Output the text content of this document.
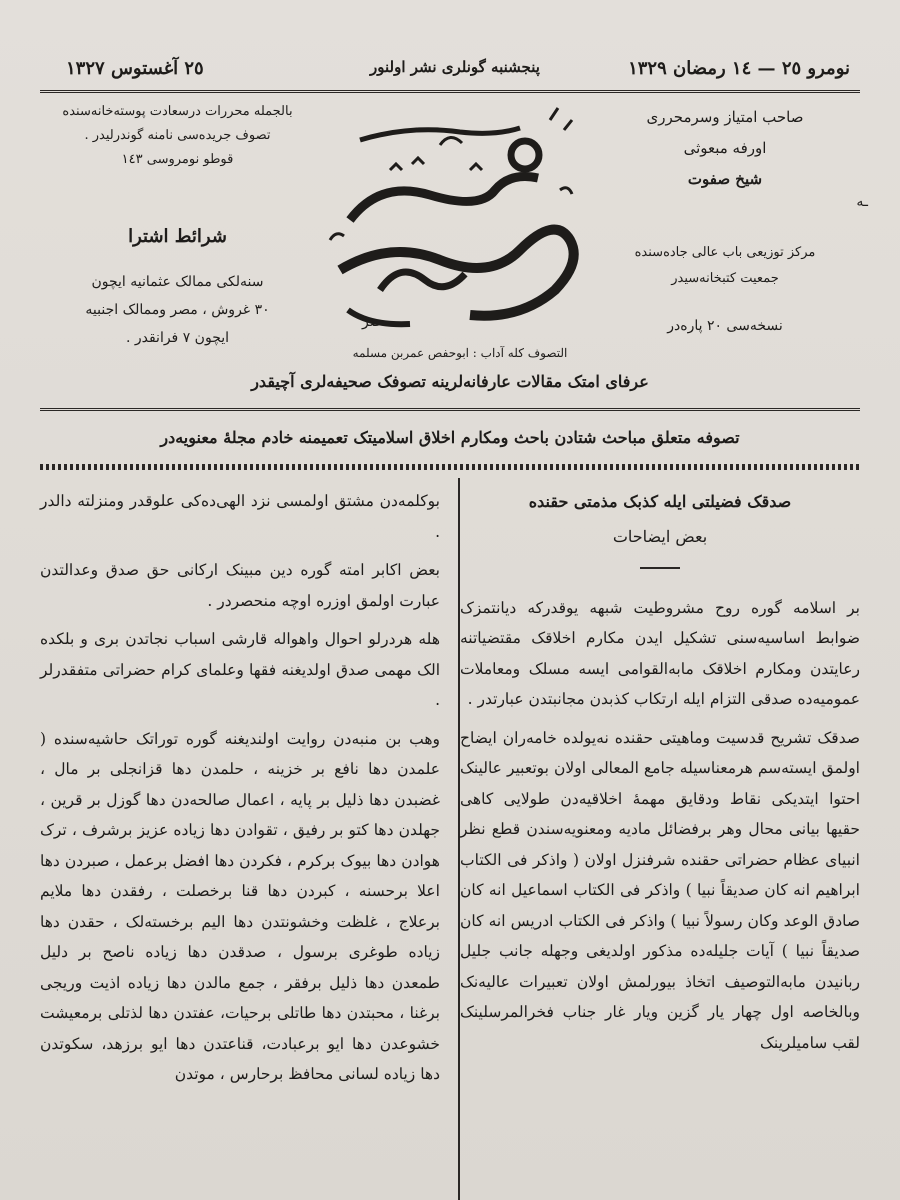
نومرو ٢٥ — ١٤ رمضان ١٣٢٩
پنجشنبه گونلری نشر اولنور
٢٥ آغستوس ١٣٢٧
بالجمله محررات درسعادت پوسته‌خانه‌سنده
تصوف جریده‌سی نامنه گوندرلیدر .
قوطو نومروسی ١٤٣
شرائط اشترا
سنه‌لکی ممالک عثمانیه ایچون
٣٠ غروش ، مصر وممالک اجنبیه
ایچون ٧ فرانقدر .
صر
صاحب امتیاز وسرمحرری
اورفه مبعوثی
شیخ صفوت
مرکز توزیعی باب عالی جاده‌سنده
جمعیت کتبخانه‌سیدر
نسخه‌سی ٢٠ پاره‌در
ـه
التصوف کله آداب : ابوحفص عمربن مسلمه
عرفای امتک مقالات عارفانه‌لرینه تصوفک صحیفه‌لری آچیقدر
تصوفه متعلق مباحث شتادن باحث ومکارم اخلاق اسلامیتک تعمیمنه خادم مجلهٔ معنویه‌در
صدقک فضیلتی ایله کذبک مذمتی حقنده
بعض ایضاحات

بر اسلامه گوره روح مشروطیت شبهه یوقدرکه دیانتمزک ضوابط اساسیه‌سنی تشکیل ایدن مکارم اخلاقک مقتضیاتنه رعایتدن ومکارم اخلاقک مابه‌القوامی ایسه مسلک ومعاملات عمومیه‌ده صدقی التزام ایله ارتکاب کذبدن مجانبتدن عبارتدر .

صدقک تشریح قدسیت وماهیتی حقنده نه‌یولده خامه‌ران ایضاح اولمق ایسته‌سم هرمعناسیله جامع المعالی اولان بوتعبیر عالینک احتوا ایتدیکی نقاط ودقایق مهمهٔ اخلاقیه‌دن طولایی کاهی حقیها بیانی محال وهر برفضائل مادیه ومعنویه‌سندن قطع نظر انبیای عظام حضراتی حقنده شرفنزل اولان ( واذکر فی الکتاب ابراهیم انه کان صدیقاً نبیا ) واذکر فی الکتاب اسماعیل انه کان صادق الوعد وکان رسولاً نبیا ) واذکر فی الکتاب ادریس انه کان صدیقاً نبیا ) آیات جلیله‌ده مذکور اولدیغی وجهله جانب جلیل ربانیدن مابه‌التوصیف اتخاذ بیورلمش اولان تعبیرات عالیه‌نک وبالخاصه اول چهار یار گزین ویار غار جناب فخرالمرسلینک لقب ساميلرینک

بوکلمه‌دن مشتق اولمسی نزد الهی‌ده‌کی علوقدر ومنزلته دالدر .

بعض اکابر امته گوره دین مبینک ارکانی حق صدق وعدالتدن عبارت اولمق اوزره اوچه منحصردر .

هله هردرلو احوال واهواله قارشی اسباب نجاتدن بری و بلکده الک مهمی صدق اولدیغنه فقها وعلمای کرام حضراتی متفقدرلر .

وهب بن منبه‌دن روایت اولندیغنه گوره توراتک حاشیه‌سنده ( علمدن دها نافع بر خزینه ، حلمدن دها قزانجلی بر مال ، غضبدن دها ذلیل بر پایه ، اعمال صالحه‌دن دها گوزل بر قرین ، جهلدن دها کتو بر رفیق ، تقوادن دها زیاده عزیز برشرف ، ترک هوادن دها بیوک برکرم ، فکردن دها افضل برعمل ، صبردن دها اعلا برحسنه ، کبردن دها قنا برخصلت ، رفقدن دها ملایم برعلاج ، غلظت وخشونتدن دها الیم برخسته‌لک ، حقدن دها زیاده طوغری برسول ، صدقدن دها زیاده ناصح بر دلیل طمعدن دها ذلیل برفقر ، جمع مالدن دها زیاده اذیت وریجی برغنا ، محبتدن دها طاتلی برحیات، عفتدن دها لذتلی برمعیشت خشوعدن دها ایو برعبادت، قناعتدن دها ایو برزهد، سکوتدن دها زیاده لسانی محافظ برحارس ، موتدن
